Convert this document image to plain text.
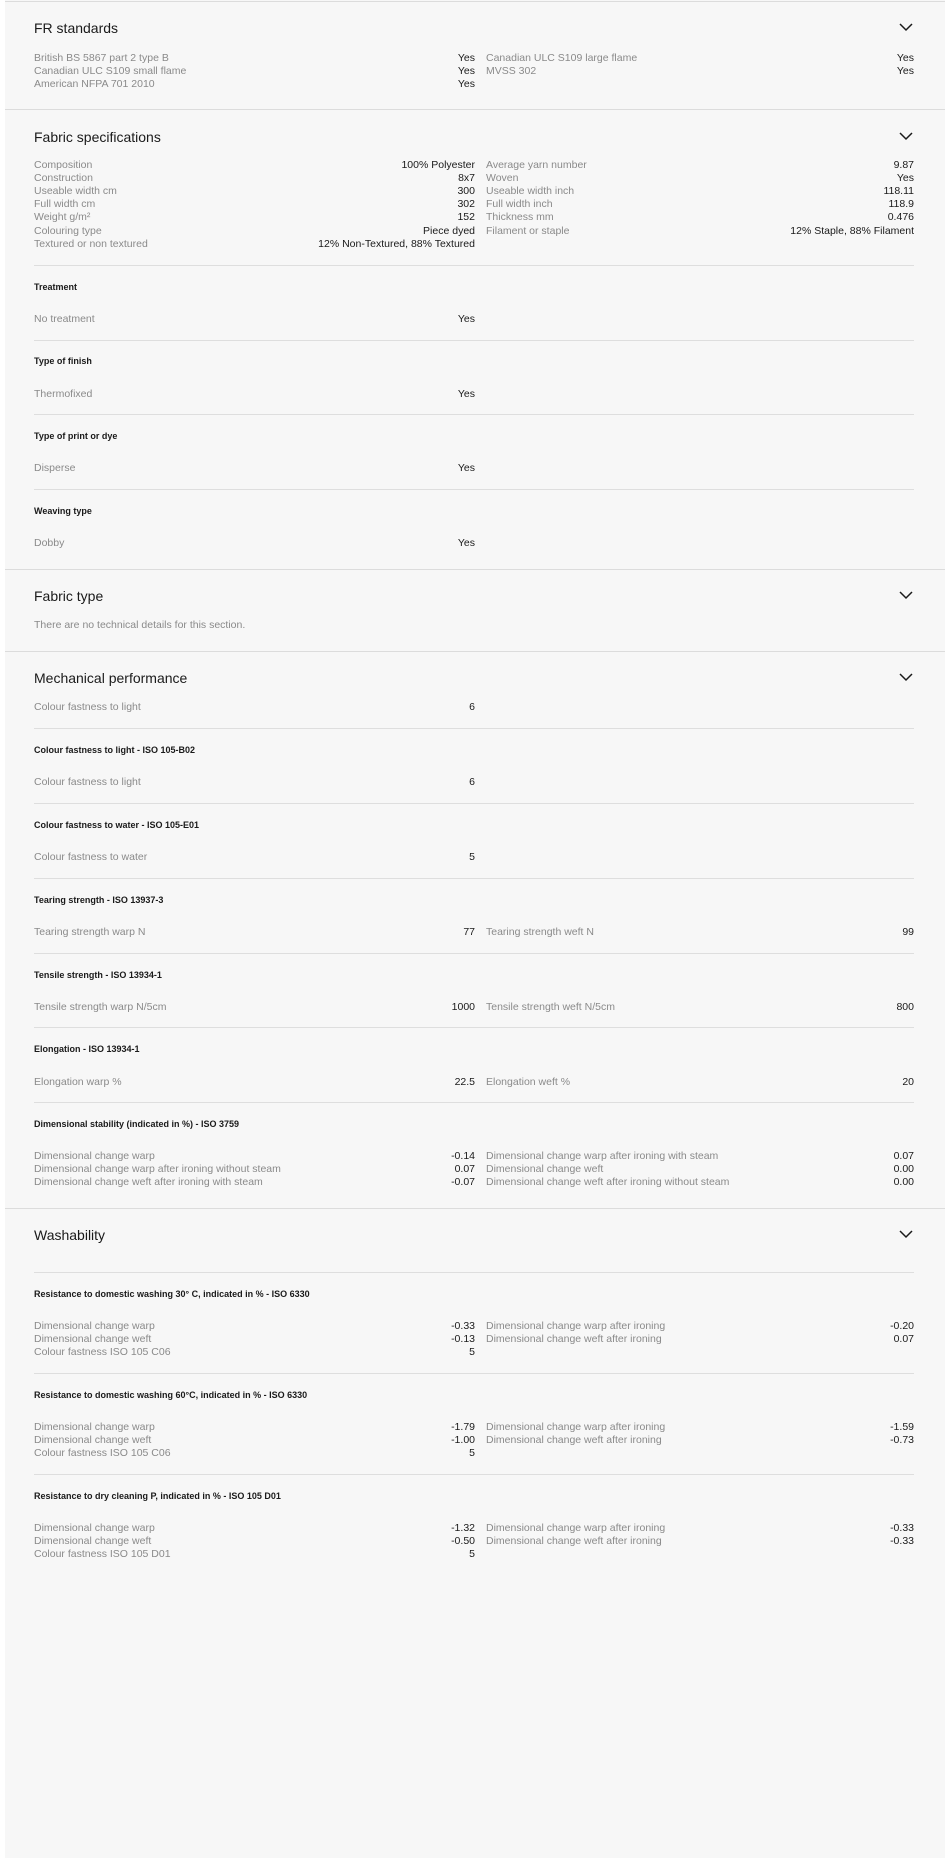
FR standards
British BS 5867 part 2 type B	Yes
Canadian ULC S109 small flame	Yes
American NFPA 701 2010	Yes
Canadian ULC S109 large flame	Yes
MVSS 302	Yes
Fabric specifications
Composition	100% Polyester
Construction	8x7
Useable width cm	300
Full width cm	302
Weight g/m²	152
Colouring type	Piece dyed
Textured or non textured	12% Non-Textured, 88% Textured
Average yarn number	9.87
Woven	Yes
Useable width inch	118.11
Full width inch	118.9
Thickness mm	0.476
Filament or staple	12% Staple, 88% Filament
Treatment
No treatment	Yes
Type of finish
Thermofixed	Yes
Type of print or dye
Disperse	Yes
Weaving type
Dobby	Yes
Fabric type
There are no technical details for this section.
Mechanical performance
Colour fastness to light	6
Colour fastness to light - ISO 105-B02
Colour fastness to light	6
Colour fastness to water - ISO 105-E01
Colour fastness to water	5
Tearing strength - ISO 13937-3
Tearing strength warp N	77 Tearing strength weft N	99
Tensile strength - ISO 13934-1
Tensile strength warp N/5cm	1000 Tensile strength weft N/5cm	800
Elongation - ISO 13934-1
Elongation warp %	22.5 Elongation weft %	20
Dimensional stability (indicated in %) - ISO 3759
Dimensional change warp	-0.14
Dimensional change warp after ironing without steam	0.07
Dimensional change weft after ironing with steam	-0.07
Dimensional change warp after ironing with steam	0.07
Dimensional change weft	0.00
Dimensional change weft after ironing without steam	0.00
Washability
Resistance to domestic washing 30° C, indicated in % - ISO 6330
Dimensional change warp	-0.33
Dimensional change weft	-0.13
Colour fastness ISO 105 C06	5
Dimensional change warp after ironing	-0.20
Dimensional change weft after ironing	0.07
Resistance to domestic washing 60°C, indicated in % - ISO 6330
Dimensional change warp	-1.79
Dimensional change weft	-1.00
Colour fastness ISO 105 C06	5
Dimensional change warp after ironing	-1.59
Dimensional change weft after ironing	-0.73
Resistance to dry cleaning P, indicated in % - ISO 105 D01
Dimensional change warp	-1.32
Dimensional change weft	-0.50
Colour fastness ISO 105 D01	5
Dimensional change warp after ironing	-0.33
Dimensional change weft after ironing	-0.33
